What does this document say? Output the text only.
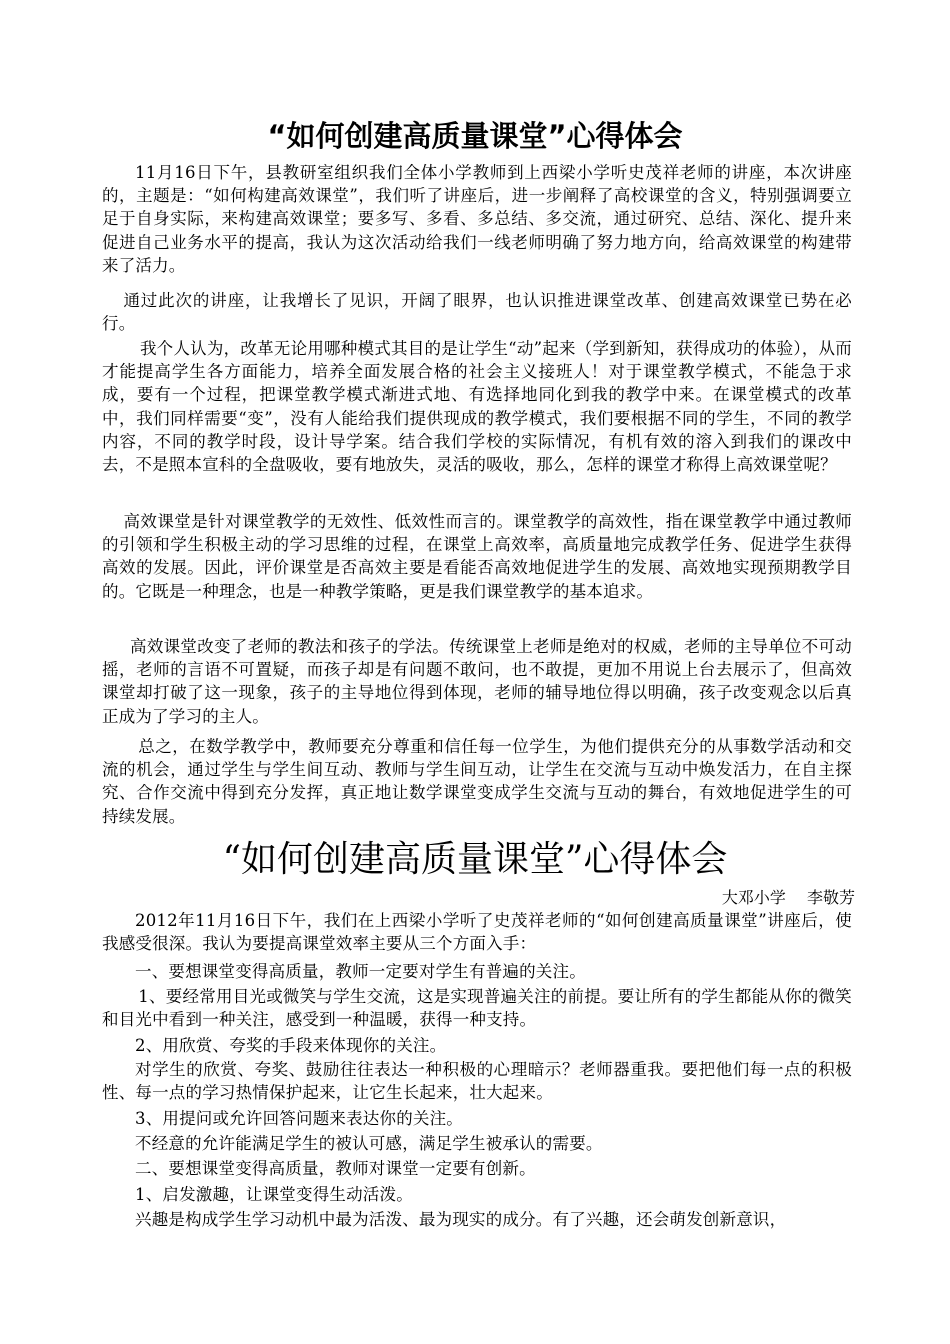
“如何创建高质量课堂”心得体会

11月16日下午，县教研室组织我们全体小学教师到上西梁小学听史茂祥老师的讲座，本次讲座的，主题是：“如何构建高效课堂”，我们听了讲座后，进一步阐释了高校课堂的含义，特别强调要立足于自身实际，来构建高效课堂；要多写、多看、多总结、多交流，通过研究、总结、深化、提升来促进自己业务水平的提高，我认为这次活动给我们一线老师明确了努力地方向，给高效课堂的构建带来了活力。

通过此次的讲座，让我增长了见识，开阔了眼界，也认识推进课堂改革、创建高效课堂已势在必行。

我个人认为，改革无论用哪种模式其目的是让学生“动”起来（学到新知，获得成功的体验），从而才能提高学生各方面能力，培养全面发展合格的社会主义接班人！对于课堂教学模式，不能急于求成，要有一个过程，把课堂教学模式渐进式地、有选择地同化到我的教学中来。在课堂模式的改革中，我们同样需要“变”，没有人能给我们提供现成的教学模式，我们要根据不同的学生，不同的教学内容，不同的教学时段，设计导学案。结合我们学校的实际情况，有机有效的溶入到我们的课改中去，不是照本宣科的全盘吸收，要有地放失，灵活的吸收，那么，怎样的课堂才称得上高效课堂呢？

高效课堂是针对课堂教学的无效性、低效性而言的。课堂教学的高效性，指在课堂教学中通过教师的引领和学生积极主动的学习思维的过程，在课堂上高效率，高质量地完成教学任务、促进学生获得高效的发展。因此，评价课堂是否高效主要是看能否高效地促进学生的发展、高效地实现预期教学目的。它既是一种理念，也是一种教学策略，更是我们课堂教学的基本追求。

高效课堂改变了老师的教法和孩子的学法。传统课堂上老师是绝对的权威，老师的主导单位不可动摇，老师的言语不可置疑，而孩子却是有问题不敢问，也不敢提，更加不用说上台去展示了，但高效课堂却打破了这一现象，孩子的主导地位得到体现，老师的辅导地位得以明确，孩子改变观念以后真正成为了学习的主人。

总之，在数学教学中，教师要充分尊重和信任每一位学生，为他们提供充分的从事数学活动和交流的机会，通过学生与学生间互动、教师与学生间互动，让学生在交流与互动中焕发活力，在自主探究、合作交流中得到充分发挥，真正地让数学课堂变成学生交流与互动的舞台，有效地促进学生的可持续发展。

“如何创建高质量课堂”心得体会
大邓小学　 李敬芳

2012年11月16日下午，我们在上西梁小学听了史茂祥老师的“如何创建高质量课堂”讲座后，使我感受很深。我认为要提高课堂效率主要从三个方面入手：

一、要想课堂变得高质量，教师一定要对学生有普遍的关注。

1、要经常用目光或微笑与学生交流，这是实现普遍关注的前提。要让所有的学生都能从你的微笑和目光中看到一种关注，感受到一种温暖，获得一种支持。

2、用欣赏、夸奖的手段来体现你的关注。

对学生的欣赏、夸奖、鼓励往往表达一种积极的心理暗示？老师器重我。要把他们每一点的积极性、每一点的学习热情保护起来，让它生长起来，壮大起来。

3、用提问或允许回答问题来表达你的关注。

不经意的允许能满足学生的被认可感，满足学生被承认的需要。

二、要想课堂变得高质量，教师对课堂一定要有创新。

1、启发激趣，让课堂变得生动活泼。

兴趣是构成学生学习动机中最为活泼、最为现实的成分。有了兴趣，还会萌发创新意识，
